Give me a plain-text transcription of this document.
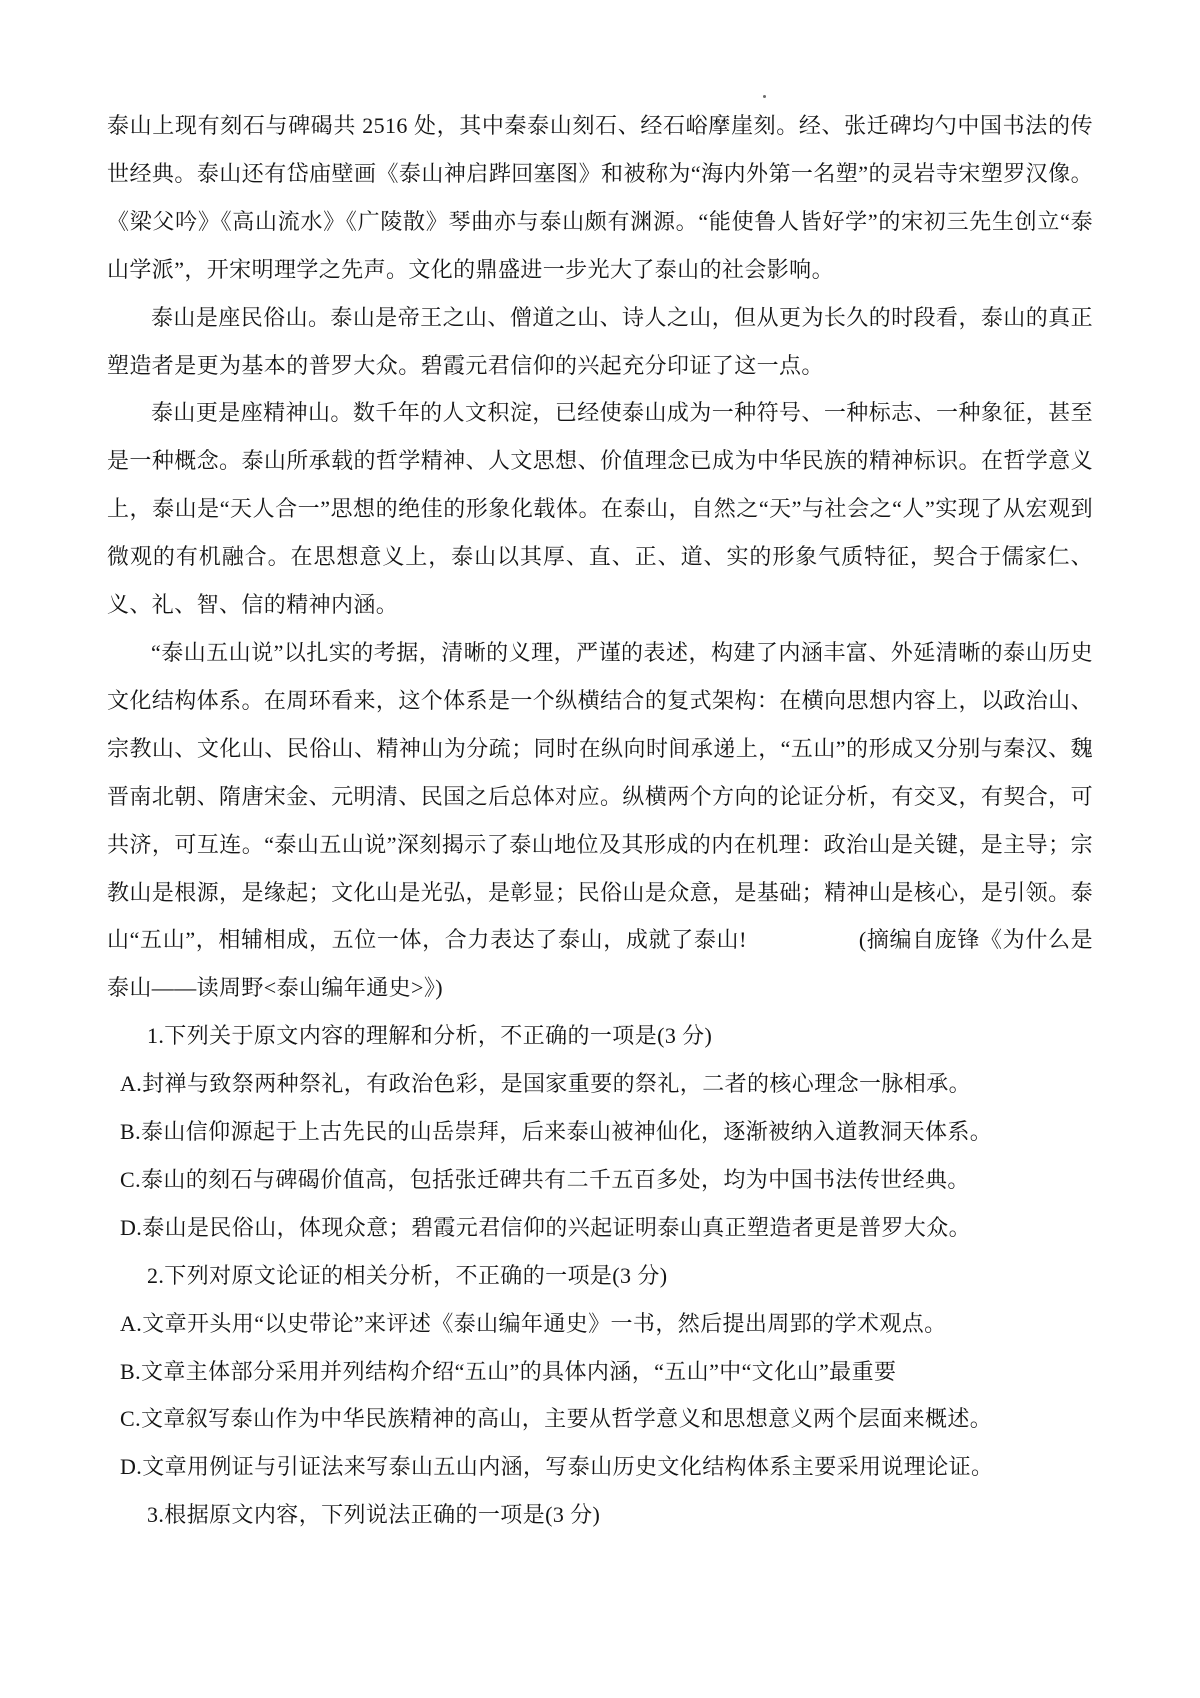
泰山上现有刻石与碑碣共 2516 处，其中秦泰山刻石、经石峪摩崖刻。经、张迁碑均勺中国书法的传世经典。泰山还有岱庙壁画《泰山神启跸回塞图》和被称为“海内外第一名塑”的灵岩寺宋塑罗汉像。《梁父吟》《高山流水》《广陵散》琴曲亦与泰山颇有渊源。“能使鲁人皆好学”的宋初三先生创立“泰山学派”，开宋明理学之先声。文化的鼎盛进一步光大了泰山的社会影响。

泰山是座民俗山。泰山是帝王之山、僧道之山、诗人之山，但从更为长久的时段看，泰山的真正塑造者是更为基本的普罗大众。碧霞元君信仰的兴起充分印证了这一点。

泰山更是座精神山。数千年的人文积淀，已经使泰山成为一种符号、一种标志、一种象征，甚至是一种概念。泰山所承载的哲学精神、人文思想、价值理念已成为中华民族的精神标识。在哲学意义上，泰山是“天人合一”思想的绝佳的形象化载体。在泰山，自然之“天”与社会之“人”实现了从宏观到微观的有机融合。在思想意义上，泰山以其厚、直、正、道、实的形象气质特征，契合于儒家仁、义、礼、智、信的精神内涵。

“泰山五山说”以扎实的考据，清晰的义理，严谨的表述，构建了内涵丰富、外延清晰的泰山历史文化结构体系。在周环看来，这个体系是一个纵横结合的复式架构：在横向思想内容上，以政治山、宗教山、文化山、民俗山、精神山为分疏；同时在纵向时间承递上，“五山”的形成又分别与秦汉、魏晋南北朝、隋唐宋金、元明清、民国之后总体对应。纵横两个方向的论证分析，有交叉，有契合，可共济，可互连。“泰山五山说”深刻揭示了泰山地位及其形成的内在机理：政治山是关键，是主导；宗教山是根源，是缘起；文化山是光弘，是彰显；民俗山是众意，是基础；精神山是核心，是引领。泰山“五山”，相辅相成，五位一体，合力表达了泰山，成就了泰山!	(摘编自庞锋《为什么是泰山——读周野<泰山编年通史>》)

1.下列关于原文内容的理解和分析，不正确的一项是(3 分)

A.封禅与致祭两种祭礼，有政治色彩，是国家重要的祭礼，二者的核心理念一脉相承。

B.泰山信仰源起于上古先民的山岳崇拜，后来泰山被神仙化，逐渐被纳入道教洞天体系。

C.泰山的刻石与碑碣价值高，包括张迁碑共有二千五百多处，均为中国书法传世经典。

D.泰山是民俗山，体现众意；碧霞元君信仰的兴起证明泰山真正塑造者更是普罗大众。

2.下列对原文论证的相关分析，不正确的一项是(3 分)

A.文章开头用“以史带论”来评述《泰山编年通史》一书，然后提出周郢的学术观点。

B.文章主体部分采用并列结构介绍“五山”的具体内涵，“五山”中“文化山”最重要

C.文章叙写泰山作为中华民族精神的高山，主要从哲学意义和思想意义两个层面来概述。

D.文章用例证与引证法来写泰山五山内涵，写泰山历史文化结构体系主要采用说理论证。

3.根据原文内容，下列说法正确的一项是(3 分)
